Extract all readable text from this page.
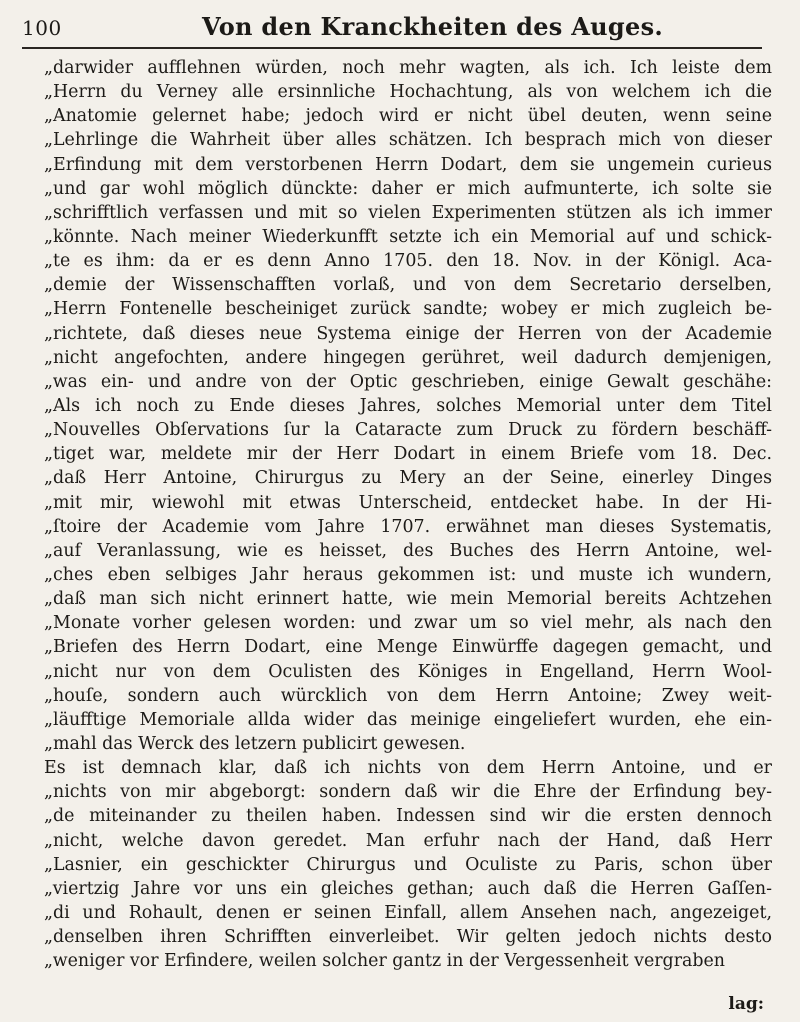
100	Von den Kranckheiten des Auges.
„darwider aufflehnen würden, noch mehr wagten, als ich. Ich leiste dem
„Herrn du Verney alle ersinnliche Hochachtung, als von welchem ich die
„Anatomie gelernet habe; jedoch wird er nicht übel deuten, wenn seine
„Lehrlinge die Wahrheit über alles schätzen. Ich besprach mich von dieser
„Erfindung mit dem verstorbenen Herrn Dodart, dem sie ungemein curieus
„und gar wohl möglich düncktе: daher er mich aufmunterte, ich solte sie
„schrifftlich verfassen und mit so vielen Experimenten stützen als ich immer
„könnte. Nach meiner Wiederkunfft setzte ich ein Memorial auf und schick-
„te es ihm: da er es denn Anno 1705. den 18. Nov. in der Königl. Aca-
„demie der Wissenschafften vorlaß, und von dem Secretario derselben,
„Herrn Fontenelle bescheiniget zurück sandte; wobey er mich zugleich be-
„richtete, daß dieses neue Systema einige der Herren von der Academie
„nicht angefochten, andere hingegen gerühret, weil dadurch demjenigen,
„was ein- und andre von der Optic geschrieben, einige Gewalt geschähe:
„Als ich noch zu Ende dieses Jahres, solches Memorial unter dem Titel
„Nouvelles Obſervations ſur la Cataracte zum Druck zu fördern beschäff-
„tiget war, meldete mir der Herr Dodart in einem Briefe vom 18. Dec.
„daß Herr Antoine, Chirurgus zu Mery an der Seine, einerley Dinges
„mit mir, wiewohl mit etwas Unterscheid, entdecket habe. In der Hi-
„ſtoire der Academie vom Jahre 1707. erwähnet man dieses Systematis,
„auf Veranlassung, wie es heisset, des Buches des Herrn Antoine, wel-
„ches eben selbiges Jahr heraus gekommen ist: und muste ich wundern,
„daß man sich nicht erinnert hatte, wie mein Memorial bereits Achtzehen
„Monate vorher gelesen worden: und zwar um so viel mehr, als nach den
„Briefen des Herrn Dodart, eine Menge Einwürffe dagegen gemacht, und
„nicht nur von dem Oculisten des Königes in Engelland, Herrn Wool-
„houſe, sondern auch würcklich von dem Herrn Antoine; Zwey weit-
„läufftige Memoriale allda wider das meinige eingeliefert wurden, ehe ein-
„mahl das Werck des letzern publicirt gewesen.
Es ist demnach klar, daß ich nichts von dem Herrn Antoine, und er
„nichts von mir abgeborgt: sondern daß wir die Ehre der Erfindung bey-
„de miteinander zu theilen haben. Indessen sind wir die ersten dennoch
„nicht, welche davon geredet. Man erfuhr nach der Hand, daß Herr
„Lasnier, ein geschickter Chirurgus und Oculiste zu Paris, schon über
„viertzig Jahre vor uns ein gleiches gethan; auch daß die Herren Gaſſen-
„di und Rohault, denen er seinen Einfall, allem Ansehen nach, angezeiget,
„denselben ihren Schrifften einverleibet. Wir gelten jedoch nichts desto
„weniger vor Erfindere, weilen solcher gantz in der Vergessenheit vergraben
lag:
